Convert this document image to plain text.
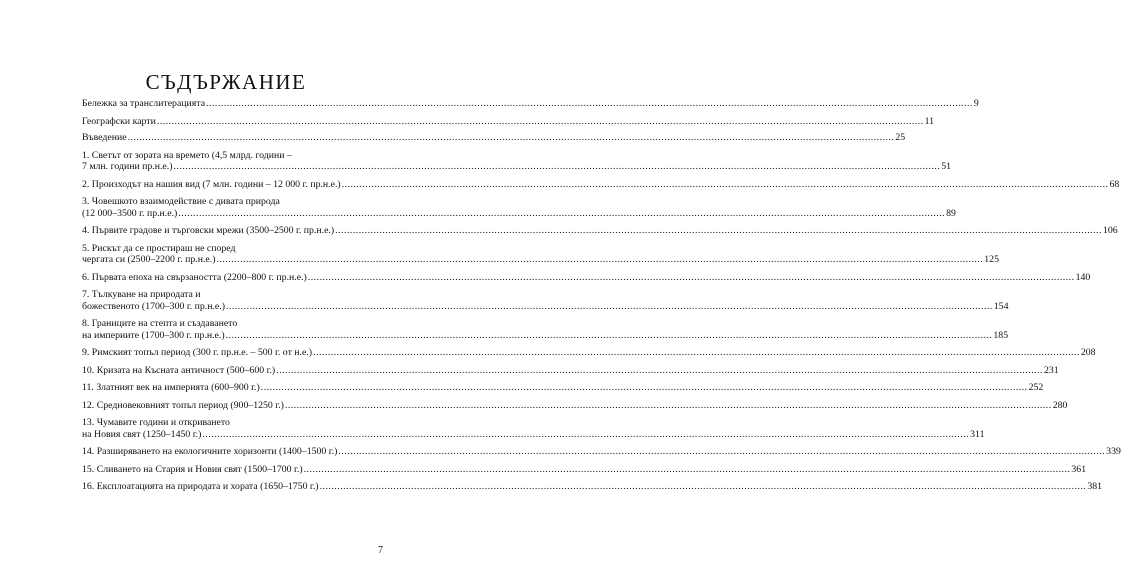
СЪДЪРЖАНИЕ
Бележка за транслитерацията .................................................................................................................................................................................................................................................................... 9
Географски карти .................................................................................................................................................................................................................................................................... 11
Въведение .................................................................................................................................................................................................................................................................... 25
1. Светът от зората на времето (4,5 млрд. години –
7 млн. години пр.н.е.) .................................................................................................................................................................................................................................................................... 51
2. Произходът на нашия вид (7 млн. години – 12 000 г. пр.н.е.) .................................................................................................................................................................................................................................................................... 68
3. Човешкото взаимодействие с дивата природа
(12 000–3500 г. пр.н.е.) .................................................................................................................................................................................................................................................................... 89
4. Първите градове и търговски мрежи (3500–2500 г. пр.н.е.) .................................................................................................................................................................................................................................................................... 106
5. Рискът да се простираш не според
чергата си (2500–2200 г. пр.н.е.) .................................................................................................................................................................................................................................................................... 125
6. Първата епоха на свързаността (2200–800 г. пр.н.е.) .................................................................................................................................................................................................................................................................... 140
7. Тълкуване на природата и
божественото (1700–300 г. пр.н.е.) .................................................................................................................................................................................................................................................................... 154
8. Границите на степта и създаването
на империите (1700–300 г. пр.н.е.) .................................................................................................................................................................................................................................................................... 185
9. Римският топъл период (300 г. пр.н.е. – 500 г. от н.е.) .................................................................................................................................................................................................................................................................... 208
10. Кризата на Късната античност (500–600 г.) .................................................................................................................................................................................................................................................................... 231
11. Златният век на империята (600–900 г.) .................................................................................................................................................................................................................................................................... 252
12. Средновековният топъл период (900–1250 г.) .................................................................................................................................................................................................................................................................... 280
13. Чумавите години и откриването
на Новия свят (1250–1450 г.) .................................................................................................................................................................................................................................................................... 311
14. Разширяването на екологичните хоризонти (1400–1500 г.) .................................................................................................................................................................................................................................................................... 339
15. Сливането на Стария и Новия свят (1500–1700 г.) .................................................................................................................................................................................................................................................................... 361
16. Експлоатацията на природата и хората (1650–1750 г.) .................................................................................................................................................................................................................................................................... 381
7
